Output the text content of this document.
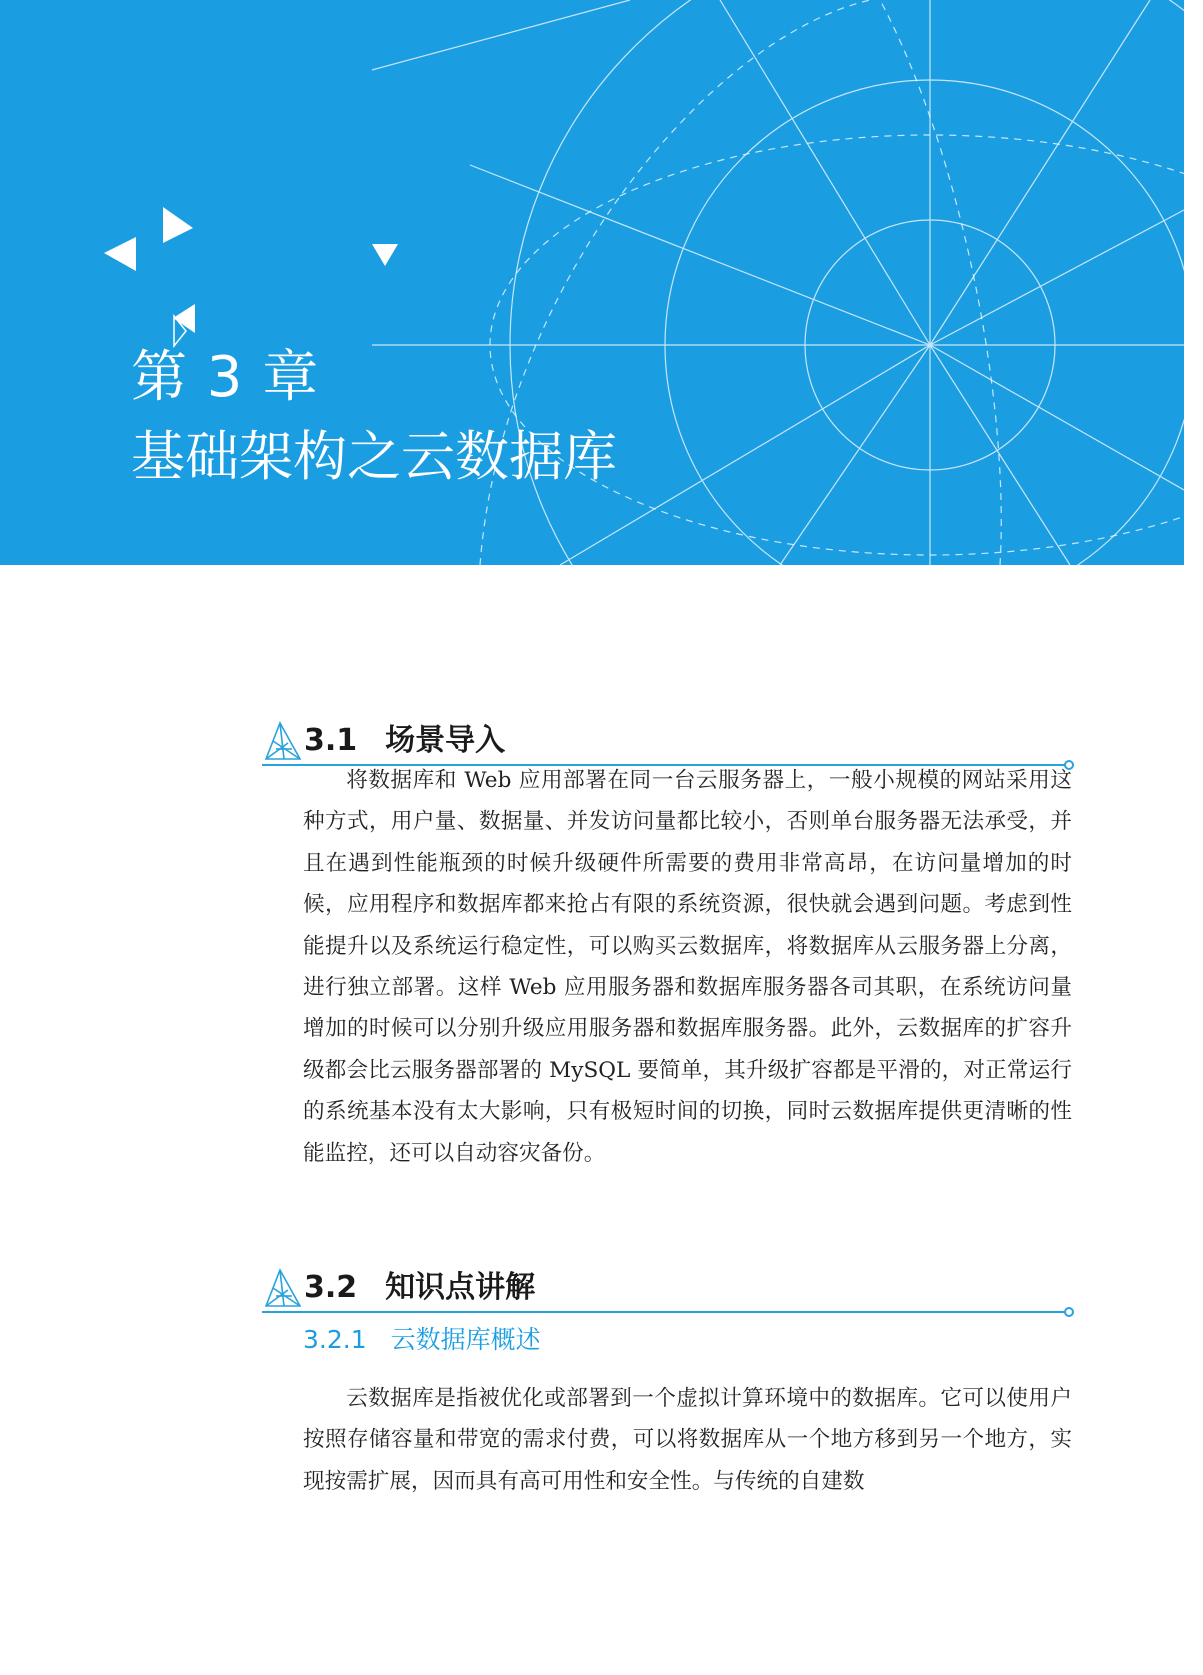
第 3 章
基础架构之云数据库
3.1 场景导入

将数据库和 Web 应用部署在同一台云服务器上，一般小规模的网站采用这种方式，用户量、数据量、并发访问量都比较小，否则单台服务器无法承受，并且在遇到性能瓶颈的时候升级硬件所需要的费用非常高昂，在访问量增加的时候，应用程序和数据库都来抢占有限的系统资源，很快就会遇到问题。考虑到性能提升以及系统运行稳定性，可以购买云数据库，将数据库从云服务器上分离，进行独立部署。这样 Web 应用服务器和数据库服务器各司其职，在系统访问量增加的时候可以分别升级应用服务器和数据库服务器。此外，云数据库的扩容升级都会比云服务器部署的 MySQL 要简单，其升级扩容都是平滑的，对正常运行的系统基本没有太大影响，只有极短时间的切换，同时云数据库提供更清晰的性能监控，还可以自动容灾备份。

3.2 知识点讲解
3.2.1 云数据库概述

云数据库是指被优化或部署到一个虚拟计算环境中的数据库。它可以使用户按照存储容量和带宽的需求付费，可以将数据库从一个地方移到另一个地方，实现按需扩展，因而具有高可用性和安全性。与传统的自建数
